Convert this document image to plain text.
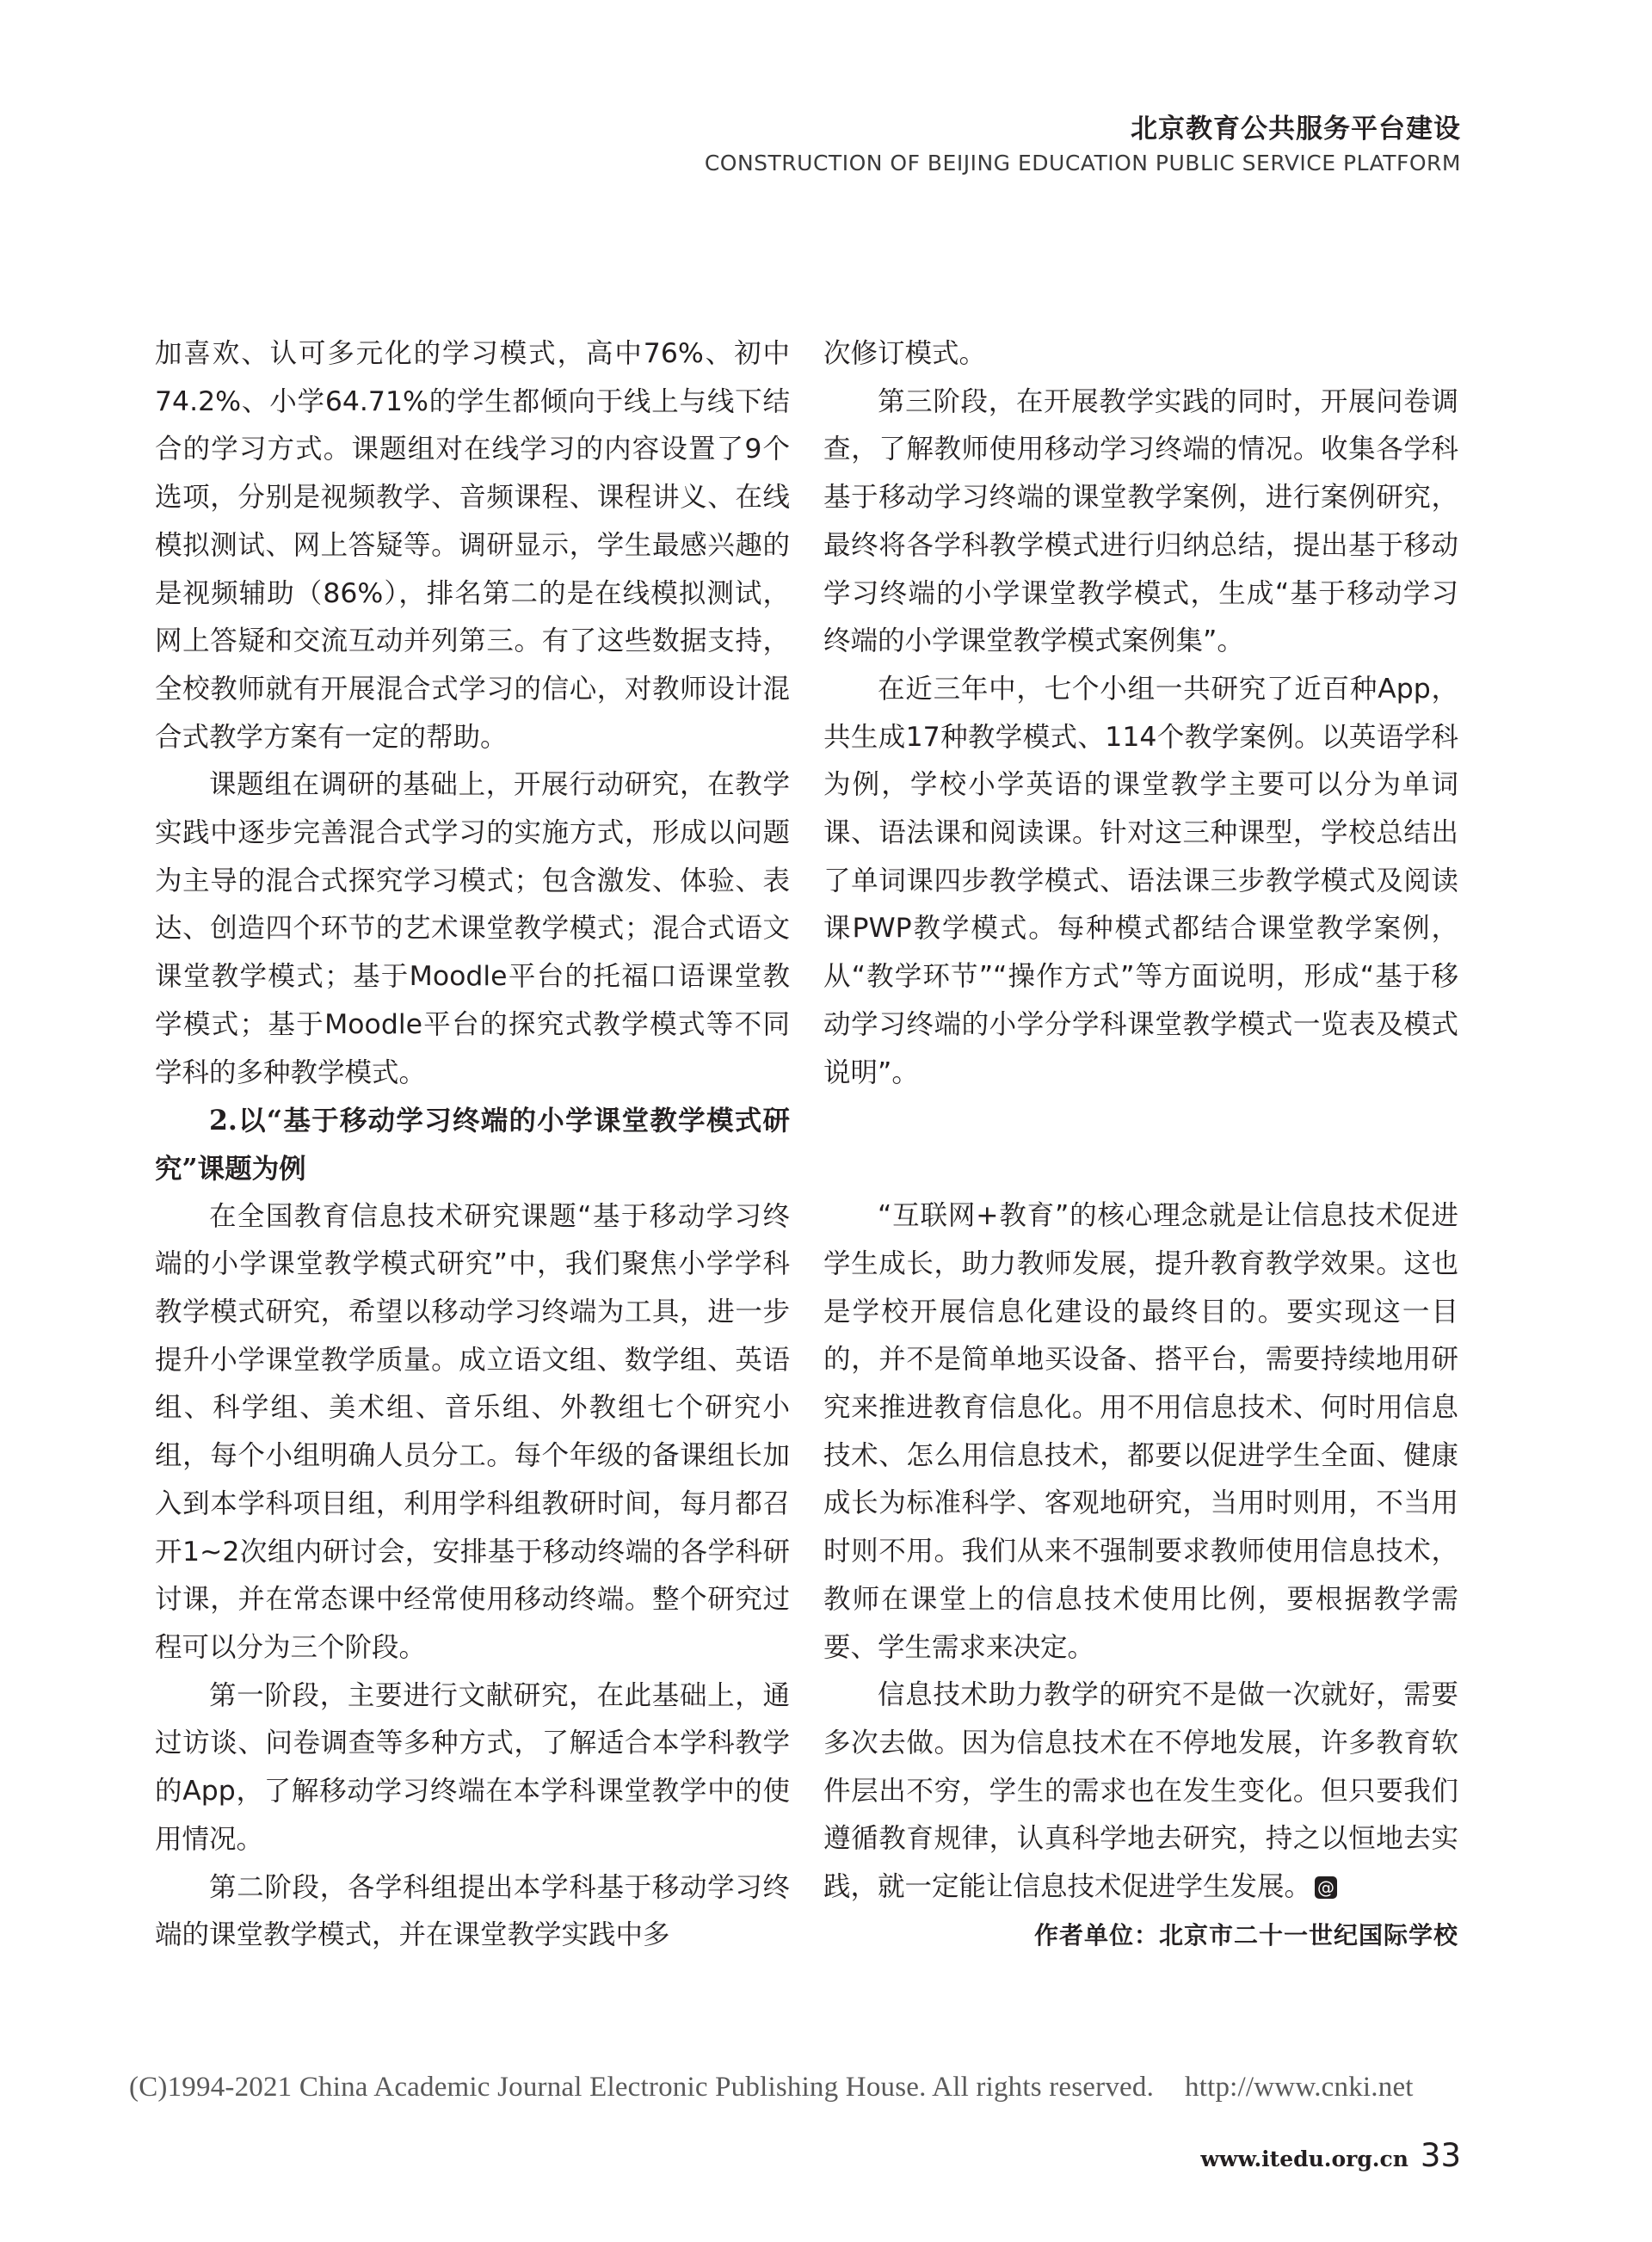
北京教育公共服务平台建设
CONSTRUCTION OF BEIJING EDUCATION PUBLIC SERVICE PLATFORM

加喜欢、认可多元化的学习模式，高中76%、初中74.2%、小学64.71%的学生都倾向于线上与线下结合的学习方式。课题组对在线学习的内容设置了9个选项，分别是视频教学、音频课程、课程讲义、在线模拟测试、网上答疑等。调研显示，学生最感兴趣的是视频辅助（86%），排名第二的是在线模拟测试，网上答疑和交流互动并列第三。有了这些数据支持，全校教师就有开展混合式学习的信心，对教师设计混合式教学方案有一定的帮助。

课题组在调研的基础上，开展行动研究，在教学实践中逐步完善混合式学习的实施方式，形成以问题为主导的混合式探究学习模式；包含激发、体验、表达、创造四个环节的艺术课堂教学模式；混合式语文课堂教学模式；基于Moodle平台的托福口语课堂教学模式；基于Moodle平台的探究式教学模式等不同学科的多种教学模式。

2.以“基于移动学习终端的小学课堂教学模式研究”课题为例

在全国教育信息技术研究课题“基于移动学习终端的小学课堂教学模式研究”中，我们聚焦小学学科教学模式研究，希望以移动学习终端为工具，进一步提升小学课堂教学质量。成立语文组、数学组、英语组、科学组、美术组、音乐组、外教组七个研究小组，每个小组明确人员分工。每个年级的备课组长加入到本学科项目组，利用学科组教研时间，每月都召开1~2次组内研讨会，安排基于移动终端的各学科研讨课，并在常态课中经常使用移动终端。整个研究过程可以分为三个阶段。

第一阶段，主要进行文献研究，在此基础上，通过访谈、问卷调查等多种方式，了解适合本学科教学的App，了解移动学习终端在本学科课堂教学中的使用情况。

第二阶段，各学科组提出本学科基于移动学习终端的课堂教学模式，并在课堂教学实践中多

次修订模式。

第三阶段，在开展教学实践的同时，开展问卷调查，了解教师使用移动学习终端的情况。收集各学科基于移动学习终端的课堂教学案例，进行案例研究，最终将各学科教学模式进行归纳总结，提出基于移动学习终端的小学课堂教学模式，生成“基于移动学习终端的小学课堂教学模式案例集”。

在近三年中，七个小组一共研究了近百种App，共生成17种教学模式、114个教学案例。以英语学科为例，学校小学英语的课堂教学主要可以分为单词课、语法课和阅读课。针对这三种课型，学校总结出了单词课四步教学模式、语法课三步教学模式及阅读课PWP教学模式。每种模式都结合课堂教学案例，从“教学环节”“操作方式”等方面说明，形成“基于移动学习终端的小学分学科课堂教学模式一览表及模式说明”。

“互联网+教育”的核心理念就是让信息技术促进学生成长，助力教师发展，提升教育教学效果。这也是学校开展信息化建设的最终目的。要实现这一目的，并不是简单地买设备、搭平台，需要持续地用研究来推进教育信息化。用不用信息技术、何时用信息技术、怎么用信息技术，都要以促进学生全面、健康成长为标准科学、客观地研究，当用时则用，不当用时则不用。我们从来不强制要求教师使用信息技术，教师在课堂上的信息技术使用比例，要根据教学需要、学生需求来决定。

信息技术助力教学的研究不是做一次就好，需要多次去做。因为信息技术在不停地发展，许多教育软件层出不穷，学生的需求也在发生变化。但只要我们遵循教育规律，认真科学地去研究，持之以恒地去实践，就一定能让信息技术促进学生发展。 @

作者单位：北京市二十一世纪国际学校
(C)1994-2021 China Academic Journal Electronic Publishing House. All rights reserved. http://www.cnki.net
www.itedu.org.cn 33
